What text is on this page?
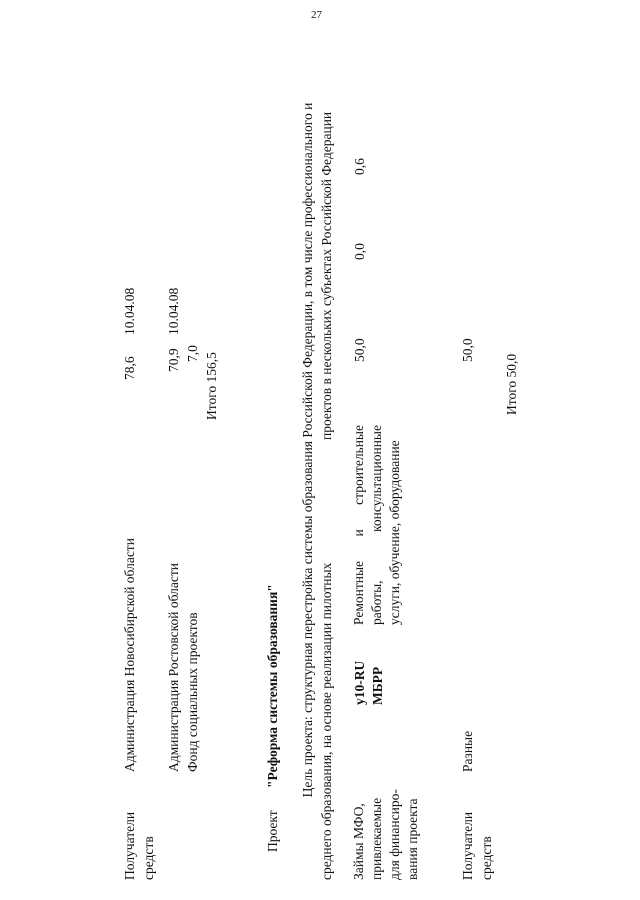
27
Получатели средств
Администрация Новосибирской области
78,6
10.04.08
Администрация Ростовской области
70,9
10.04.08
Фонд социальных проектов
7,0 Итого 156,5
Проект
"Реформа системы образования" Цель проекта: структурная перестройка системы образования Российской Федерации, в том числе профессионального и среднего образования, на основе реализации пилотных
проектов в нескольких субъектах Российской Федерации
Займы МФО, привлекаемые для финансиро- вания проекта
у10-RU МБРР
Ремонтные и строительные работы, консультационные услуги, обучение, оборудование
50,0
0,0
0,6
Получатели средств
Разные
50,0
Итого 50,0
